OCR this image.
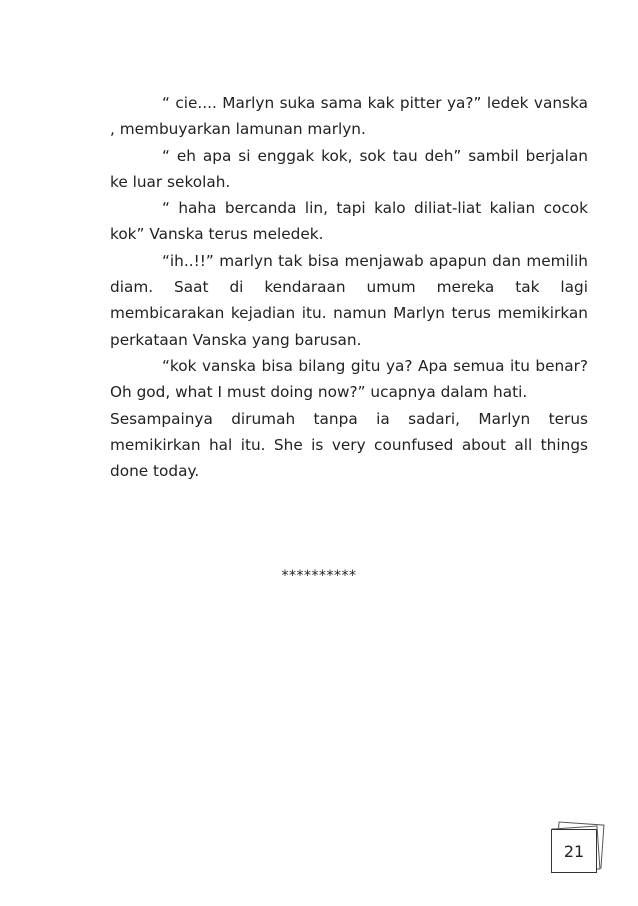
“ cie.... Marlyn suka sama kak pitter ya?” ledek vanska , membuyarkan lamunan marlyn.

“ eh apa si enggak kok, sok tau deh” sambil berjalan ke luar sekolah.

“ haha bercanda lin, tapi kalo diliat-liat kalian cocok kok” Vanska terus meledek.

“ih..!!” marlyn tak bisa menjawab apapun dan memilih diam. Saat di kendaraan umum mereka tak lagi membicarakan kejadian itu. namun Marlyn terus memikirkan perkataan Vanska yang barusan.

“kok vanska bisa bilang gitu ya? Apa semua itu benar? Oh god, what I must doing now?” ucapnya dalam hati.

Sesampainya dirumah tanpa ia sadari, Marlyn terus memikirkan hal itu. She is very counfused about all things done today.

**********
21
